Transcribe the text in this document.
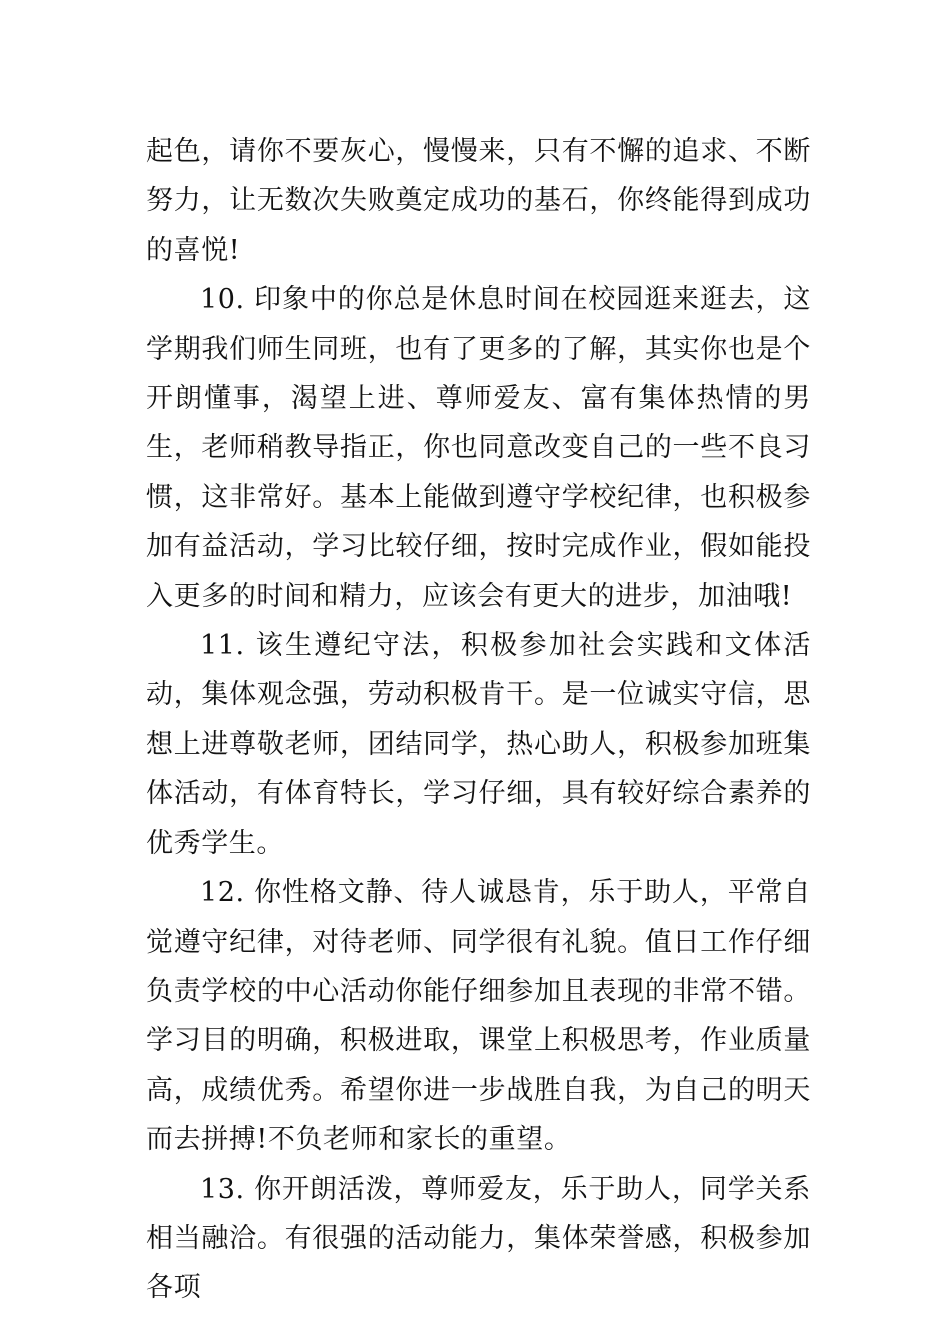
起色，请你不要灰心，慢慢来，只有不懈的追求、不断努力，让无数次失败奠定成功的基石，你终能得到成功的喜悦!

10. 印象中的你总是休息时间在校园逛来逛去，这学期我们师生同班，也有了更多的了解，其实你也是个开朗懂事，渴望上进、尊师爱友、富有集体热情的男生，老师稍教导指正，你也同意改变自己的一些不良习惯，这非常好。基本上能做到遵守学校纪律，也积极参加有益活动，学习比较仔细，按时完成作业，假如能投入更多的时间和精力，应该会有更大的进步，加油哦!

11. 该生遵纪守法，积极参加社会实践和文体活动，集体观念强，劳动积极肯干。是一位诚实守信，思想上进尊敬老师，团结同学，热心助人，积极参加班集体活动，有体育特长，学习仔细，具有较好综合素养的优秀学生。

12. 你性格文静、待人诚恳肯，乐于助人，平常自觉遵守纪律，对待老师、同学很有礼貌。值日工作仔细负责学校的中心活动你能仔细参加且表现的非常不错。学习目的明确，积极进取，课堂上积极思考，作业质量高，成绩优秀。希望你进一步战胜自我，为自己的明天而去拼搏!不负老师和家长的重望。

13. 你开朗活泼，尊师爱友，乐于助人，同学关系相当融洽。有很强的活动能力，集体荣誉感，积极参加各项
